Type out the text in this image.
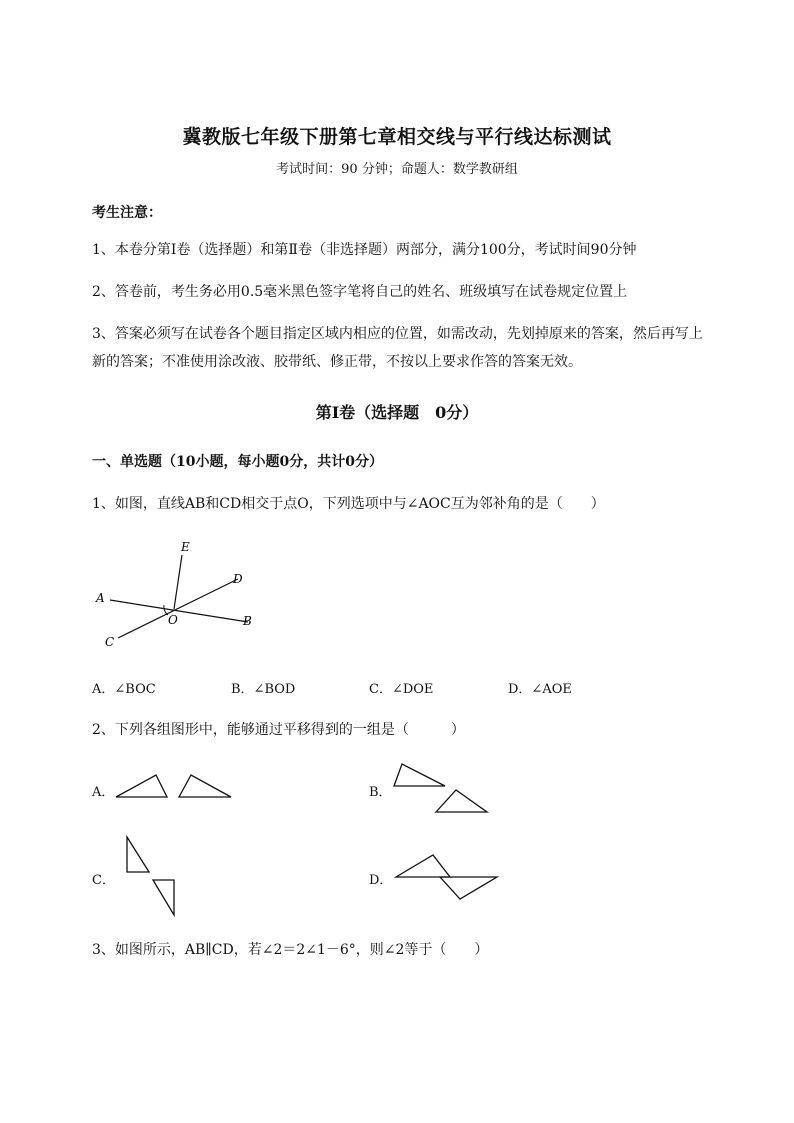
冀教版七年级下册第七章相交线与平行线达标测试
考试时间：90 分钟；命题人：数学教研组
考生注意：
1、本卷分第Ⅰ卷（选择题）和第Ⅱ卷（非选择题）两部分，满分100分，考试时间90分钟
2、答卷前，考生务必用0.5毫米黑色签字笔将自己的姓名、班级填写在试卷规定位置上
3、答案必须写在试卷各个题目指定区域内相应的位置，如需改动，先划掉原来的答案，然后再写上新的答案；不准使用涂改液、胶带纸、修正带，不按以上要求作答的答案无效。
第Ⅰ卷（选择题　0分）
一、单选题（10小题，每小题0分，共计0分）
1、如图，直线AB和CD相交于点O，下列选项中与∠AOC互为邻补角的是（　　）
E
D
A
O	B
C
A．∠BOC	B．∠BOD	C．∠DOE	D．∠AOE
2、下列各组图形中，能够通过平移得到的一组是（　　　）
A．	B．
C．	D．
3、如图所示，AB∥CD，若∠2＝2∠1－6°，则∠2等于（　　）
